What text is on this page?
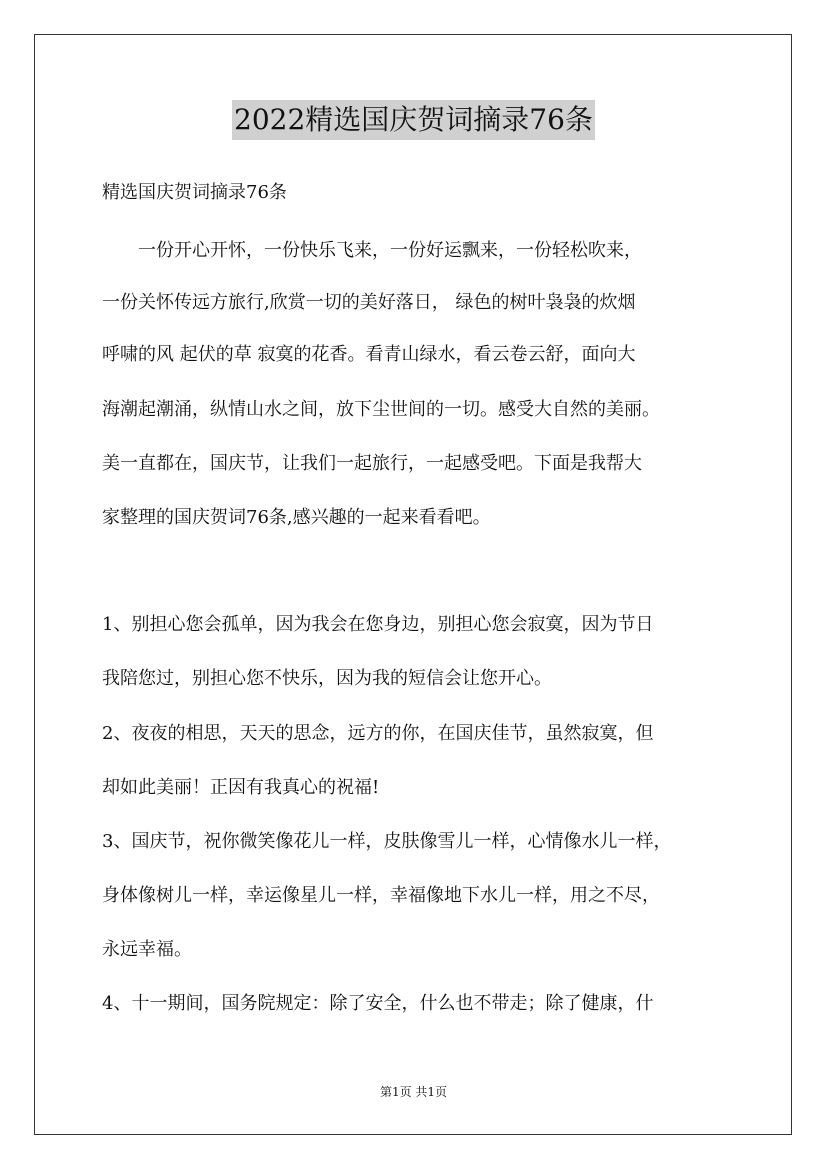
2022精选国庆贺词摘录76条
精选国庆贺词摘录76条
　　一份开心开怀，一份快乐飞来，一份好运飘来，一份轻松吹来，
一份关怀传远方旅行,欣赏一切的美好落日， 绿色的树叶袅袅的炊烟
呼啸的风 起伏的草 寂寞的花香。看青山绿水，看云卷云舒，面向大
海潮起潮涌，纵情山水之间，放下尘世间的一切。感受大自然的美丽。
美一直都在，国庆节，让我们一起旅行，一起感受吧。下面是我帮大
家整理的国庆贺词76条,感兴趣的一起来看看吧。
1、别担心您会孤单，因为我会在您身边，别担心您会寂寞，因为节日
我陪您过，别担心您不快乐，因为我的短信会让您开心。
2、夜夜的相思，天天的思念，远方的你，在国庆佳节，虽然寂寞，但
却如此美丽！正因有我真心的祝福!
3、国庆节，祝你微笑像花儿一样，皮肤像雪儿一样，心情像水儿一样，
身体像树儿一样，幸运像星儿一样，幸福像地下水儿一样，用之不尽，
永远幸福。
4、十一期间，国务院规定：除了安全，什么也不带走；除了健康，什
第1页 共1页
